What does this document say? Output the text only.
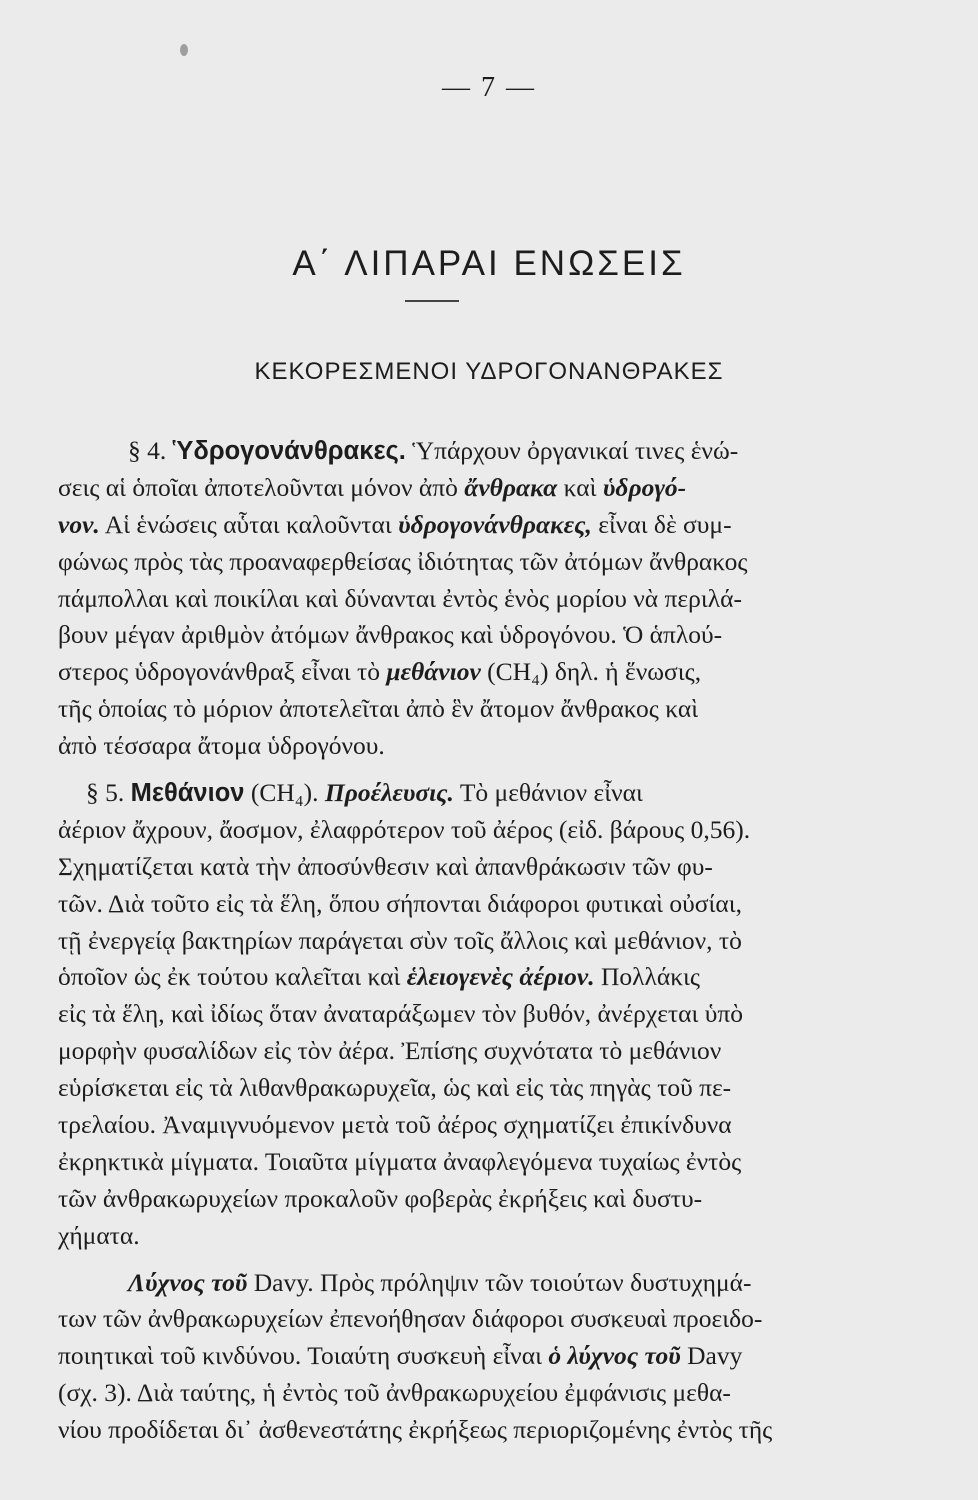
— 7 —
Α΄ ΛΙΠΑΡΑΙ ΕΝΩΣΕΙΣ
ΚΕΚΟΡΕΣΜΕΝΟΙ ΥΔΡΟΓΟΝΑΝΘΡΑΚΕΣ
§ 4. Ὑδρογονάνθρακες. Ὑπάρχουν ὀργανικαί τινες ἑνώ-
σεις αἱ ὁποῖαι ἀποτελοῦνται μόνον ἀπὸ ἄνθρακα καὶ ὑδρογό-
νον. Αἱ ἑνώσεις αὗται καλοῦνται ὑδρογονάνθρακες, εἶναι δὲ συμ-
φώνως πρὸς τὰς προαναφερθείσας ἰδιότητας τῶν ἀτόμων ἄνθρακος
πάμπολλαι καὶ ποικίλαι καὶ δύνανται ἐντὸς ἑνὸς μορίου νὰ περιλά-
βουν μέγαν ἀριθμὸν ἀτόμων ἄνθρακος καὶ ὑδρογόνου. Ὁ ἁπλού-
στερος ὑδρογονάνθραξ εἶναι τὸ μεθάνιον (CH₄) δηλ. ἡ ἕνωσις,
τῆς ὁποίας τὸ μόριον ἀποτελεῖται ἀπὸ ἓν ἄτομον ἄνθρακος καὶ
ἀπὸ τέσσαρα ἄτομα ὑδρογόνου.
§ 5. Μεθάνιον (CH₄). Προέλευσις. Τὸ μεθάνιον εἶναι
ἀέριον ἄχρουν, ἄοσμον, ἐλαφρότερον τοῦ ἀέρος (εἰδ. βάρους 0,56).
Σχηματίζεται κατὰ τὴν ἀποσύνθεσιν καὶ ἀπανθράκωσιν τῶν φυ-
τῶν. Διὰ τοῦτο εἰς τὰ ἕλη, ὅπου σήπονται διάφοροι φυτικαὶ οὐσίαι,
τῇ ἐνεργείᾳ βακτηρίων παράγεται σὺν τοῖς ἄλλοις καὶ μεθάνιον, τὸ
ὁποῖον ὡς ἐκ τούτου καλεῖται καὶ ἑλειογενὲς ἀέριον. Πολλάκις
εἰς τὰ ἕλη, καὶ ἰδίως ὅταν ἀναταράξωμεν τὸν βυθόν, ἀνέρχεται ὑπὸ
μορφὴν φυσαλίδων εἰς τὸν ἀέρα. Ἐπίσης συχνότατα τὸ μεθάνιον
εὑρίσκεται εἰς τὰ λιθανθρακωρυχεῖα, ὡς καὶ εἰς τὰς πηγὰς τοῦ πε-
τρελαίου. Ἀναμιγνυόμενον μετὰ τοῦ ἀέρος σχηματίζει ἐπικίνδυνα
ἐκρηκτικὰ μίγματα. Τοιαῦτα μίγματα ἀναφλεγόμενα τυχαίως ἐντὸς
τῶν ἀνθρακωρυχείων προκαλοῦν φοβερὰς ἐκρήξεις καὶ δυστυ-
χήματα.
Λύχνος τοῦ Davy. Πρὸς πρόληψιν τῶν τοιούτων δυστυχημά-
των τῶν ἀνθρακωρυχείων ἐπενοήθησαν διάφοροι συσκευαὶ προειδο-
ποιητικαὶ τοῦ κινδύνου. Τοιαύτη συσκευὴ εἶναι ὁ λύχνος τοῦ Davy
(σχ. 3). Διὰ ταύτης, ἡ ἐντὸς τοῦ ἀνθρακωρυχείου ἐμφάνισις μεθα-
νίου προδίδεται δι᾽ ἀσθενεστάτης ἐκρήξεως περιοριζομένης ἐντὸς τῆς
